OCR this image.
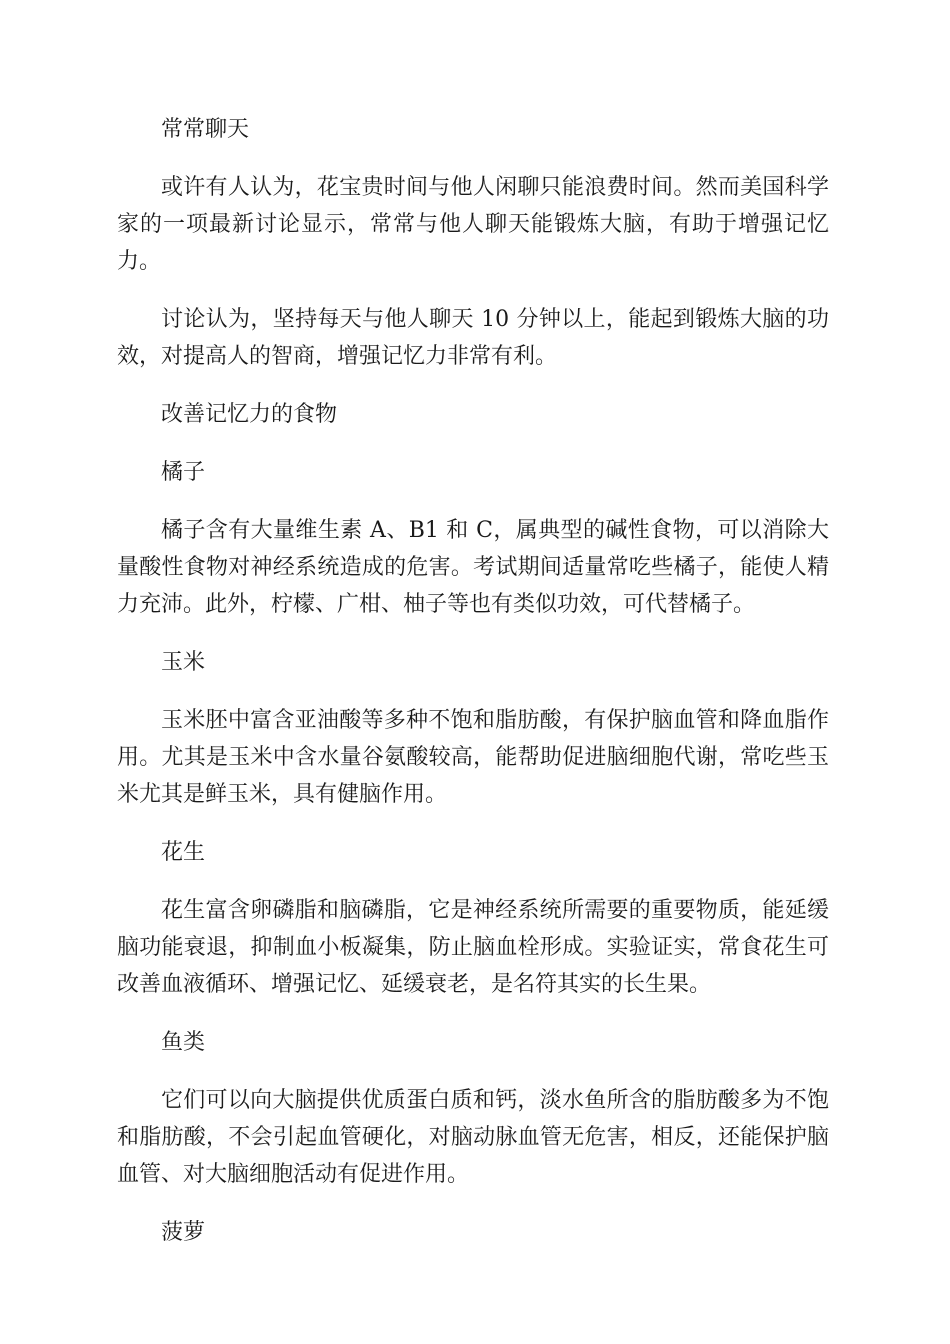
常常聊天

或许有人认为，花宝贵时间与他人闲聊只能浪费时间。然而美国科学家的一项最新讨论显示，常常与他人聊天能锻炼大脑，有助于增强记忆力。

讨论认为，坚持每天与他人聊天 10 分钟以上，能起到锻炼大脑的功效，对提高人的智商，增强记忆力非常有利。

改善记忆力的食物

橘子

橘子含有大量维生素 A、B1 和 C，属典型的碱性食物，可以消除大量酸性食物对神经系统造成的危害。考试期间适量常吃些橘子，能使人精力充沛。此外，柠檬、广柑、柚子等也有类似功效，可代替橘子。

玉米

玉米胚中富含亚油酸等多种不饱和脂肪酸，有保护脑血管和降血脂作用。尤其是玉米中含水量谷氨酸较高，能帮助促进脑细胞代谢，常吃些玉米尤其是鲜玉米，具有健脑作用。

花生

花生富含卵磷脂和脑磷脂，它是神经系统所需要的重要物质，能延缓脑功能衰退，抑制血小板凝集，防止脑血栓形成。实验证实，常食花生可改善血液循环、增强记忆、延缓衰老，是名符其实的长生果。

鱼类

它们可以向大脑提供优质蛋白质和钙，淡水鱼所含的脂肪酸多为不饱和脂肪酸，不会引起血管硬化，对脑动脉血管无危害，相反，还能保护脑血管、对大脑细胞活动有促进作用。

菠萝
